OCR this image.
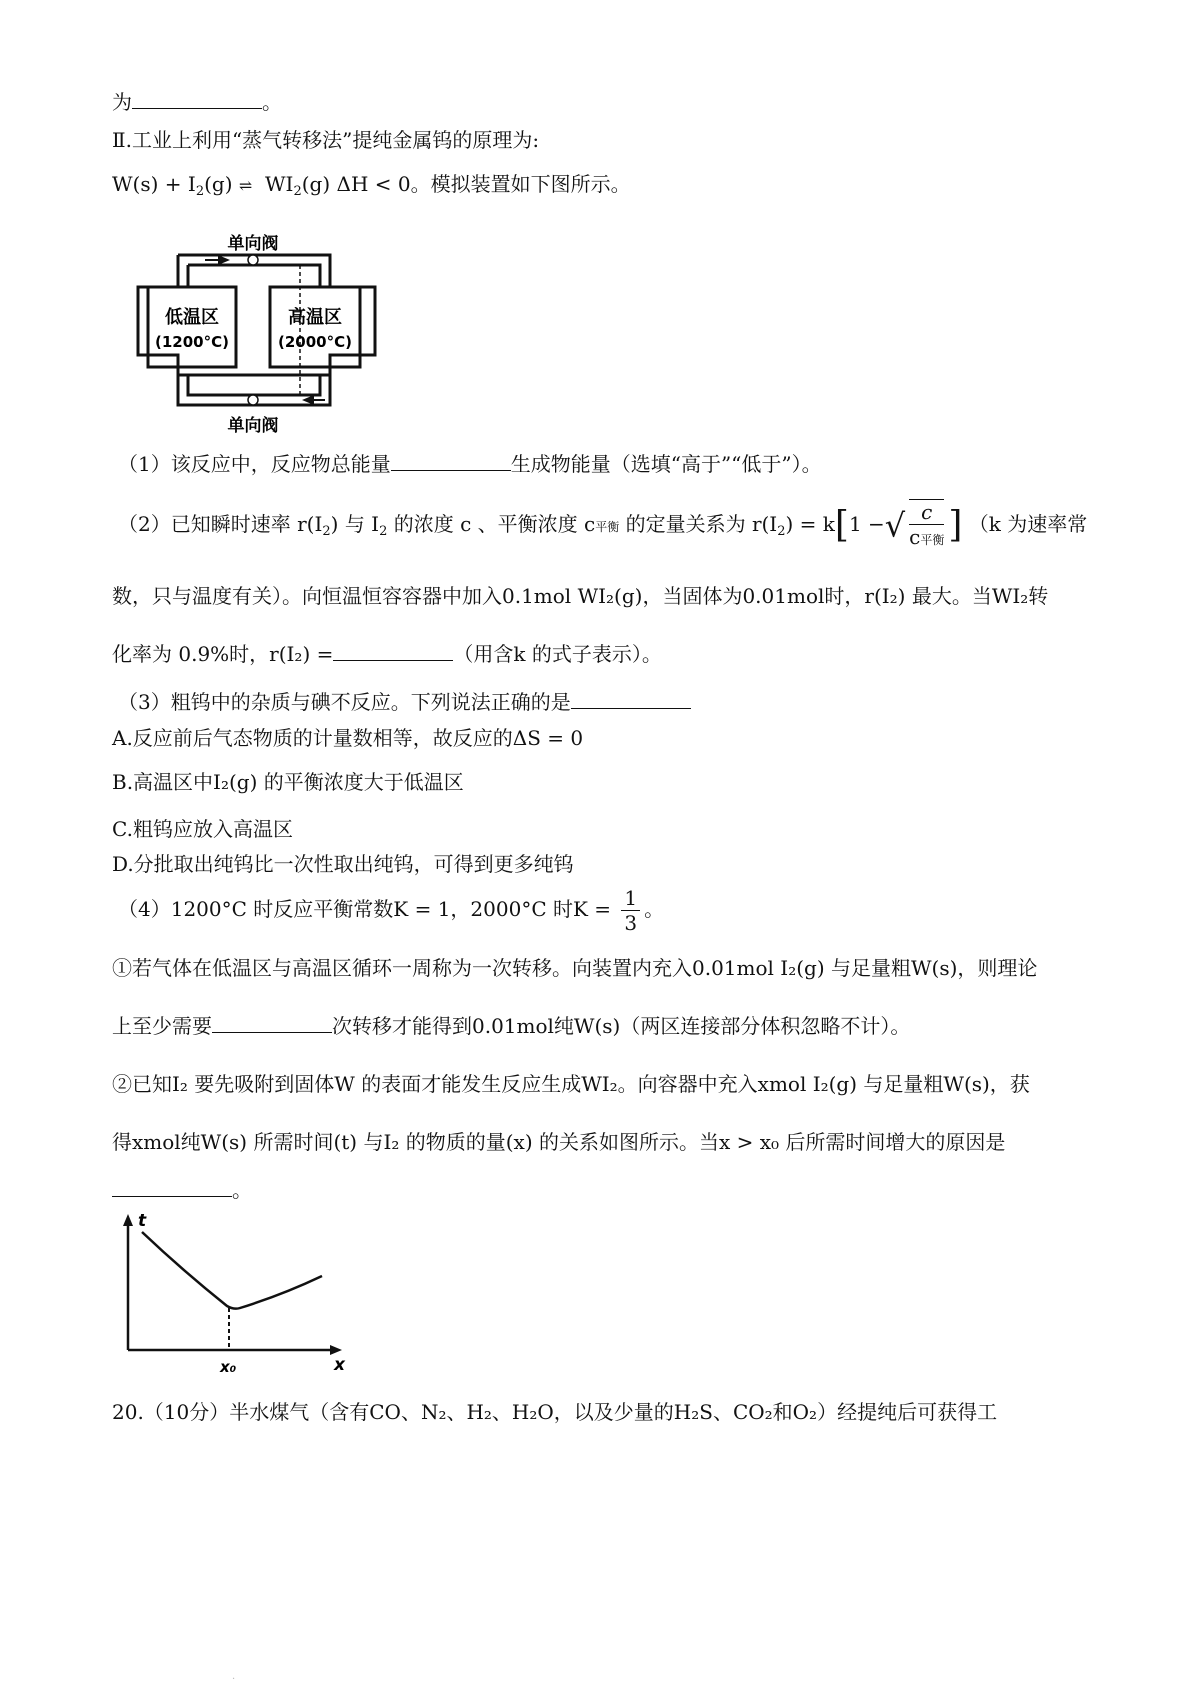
为	。
Ⅱ.工业上利用“蒸气转移法”提纯金属钨的原理为:
$W(s) + I_2(g)$ ⇌ $WI_2(g) \Delta H < 0$。模拟装置如下图所示。
单向阀
单向阀
低温区
(1200°C)
高温区
(2000°C)
（1）该反应中，反应物总能量	生成物能量（选填“高于”“低于”）。
（2）已知瞬时速率 $r(I_2)$ 与 $I_2$ 的浓度 c 、平衡浓度 c平衡 的定量关系为 $r(I_2) = k[1$ −√ $\frac{c}{\text{c平衡}}$ ] （k 为速率常
数，只与温度有关）。向恒温恒容容器中加入0.1mol WI₂(g)，当固体为0.01mol时，r(I₂) 最大。当WI₂转
化率为 0.9%时，r(I₂) =	（用含k 的式子表示）。
（3）粗钨中的杂质与碘不反应。下列说法正确的是
A.反应前后气态物质的计量数相等，故反应的ΔS = 0
B.高温区中I₂(g) 的平衡浓度大于低温区
C.粗钨应放入高温区
D.分批取出纯钨比一次性取出纯钨，可得到更多纯钨
（4）1200°C 时反应平衡常数K = 1，2000°C 时$K = \frac{1}{3}$ 。
①若气体在低温区与高温区循环一周称为一次转移。向装置内充入0.01mol I₂(g) 与足量粗W(s)，则理论
上至少需要	次转移才能得到0.01mol纯W(s)（两区连接部分体积忽略不计）。
②已知I₂ 要先吸附到固体W 的表面才能发生反应生成WI₂。向容器中充入xmol I₂(g) 与足量粗W(s)，获
得xmol纯W(s) 所需时间(t) 与I₂ 的物质的量(x) 的关系如图所示。当x > x₀ 后所需时间增大的原因是
。
t
x
x₀
20.（10分）半水煤气（含有CO、N₂、H₂、H₂O，以及少量的H₂S、CO₂和O₂）经提纯后可获得工
·
